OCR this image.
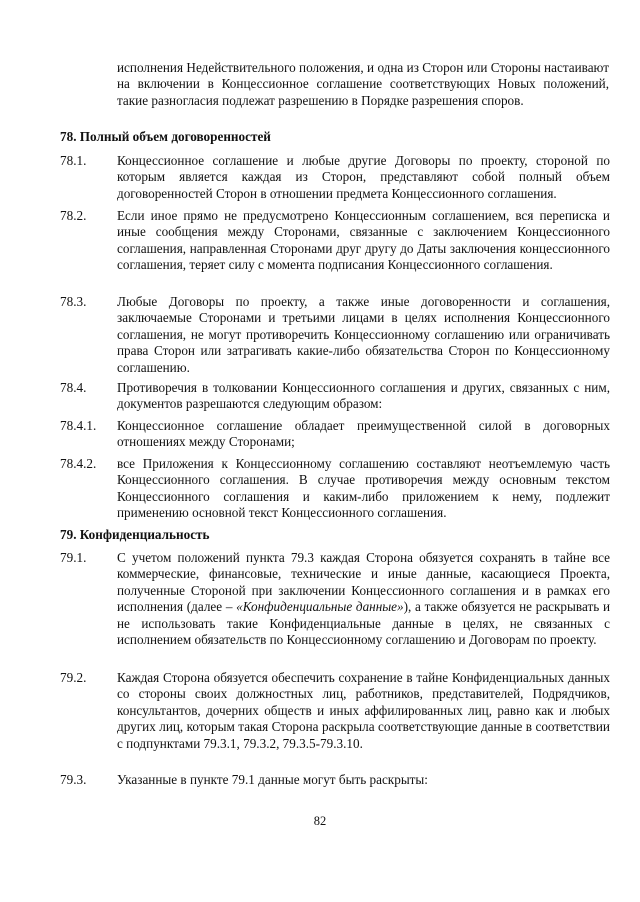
исполнения Недействительного положения, и одна из Сторон или Стороны настаивают на включении в Концессионное соглашение соответствующих Новых положений, такие разногласия подлежат разрешению в Порядке разрешения споров.
78. Полный объем договоренностей
78.1. Концессионное соглашение и любые другие Договоры по проекту, стороной по которым является каждая из Сторон, представляют собой полный объем договоренностей Сторон в отношении предмета Концессионного соглашения.
78.2. Если иное прямо не предусмотрено Концессионным соглашением, вся переписка и иные сообщения между Сторонами, связанные с заключением Концессионного соглашения, направленная Сторонами друг другу до Даты заключения концессионного соглашения, теряет силу с момента подписания Концессионного соглашения.
78.3. Любые Договоры по проекту, а также иные договоренности и соглашения, заключаемые Сторонами и третьими лицами в целях исполнения Концессионного соглашения, не могут противоречить Концессионному соглашению или ограничивать права Сторон или затрагивать какие-либо обязательства Сторон по Концессионному соглашению.
78.4. Противоречия в толковании Концессионного соглашения и других, связанных с ним, документов разрешаются следующим образом:
78.4.1. Концессионное соглашение обладает преимущественной силой в договорных отношениях между Сторонами;
78.4.2. все Приложения к Концессионному соглашению составляют неотъемлемую часть Концессионного соглашения. В случае противоречия между основным текстом Концессионного соглашения и каким-либо приложением к нему, подлежит применению основной текст Концессионного соглашения.
79. Конфиденциальность
79.1. С учетом положений пункта 79.3 каждая Сторона обязуется сохранять в тайне все коммерческие, финансовые, технические и иные данные, касающиеся Проекта, полученные Стороной при заключении Концессионного соглашения и в рамках его исполнения (далее – «Конфиденциальные данные»), а также обязуется не раскрывать и не использовать такие Конфиденциальные данные в целях, не связанных с исполнением обязательств по Концессионному соглашению и Договорам по проекту.
79.2. Каждая Сторона обязуется обеспечить сохранение в тайне Конфиденциальных данных со стороны своих должностных лиц, работников, представителей, Подрядчиков, консультантов, дочерних обществ и иных аффилированных лиц, равно как и любых других лиц, которым такая Сторона раскрыла соответствующие данные в соответствии с подпунктами 79.3.1, 79.3.2, 79.3.5-79.3.10.
79.3. Указанные в пункте 79.1 данные могут быть раскрыты:
82
